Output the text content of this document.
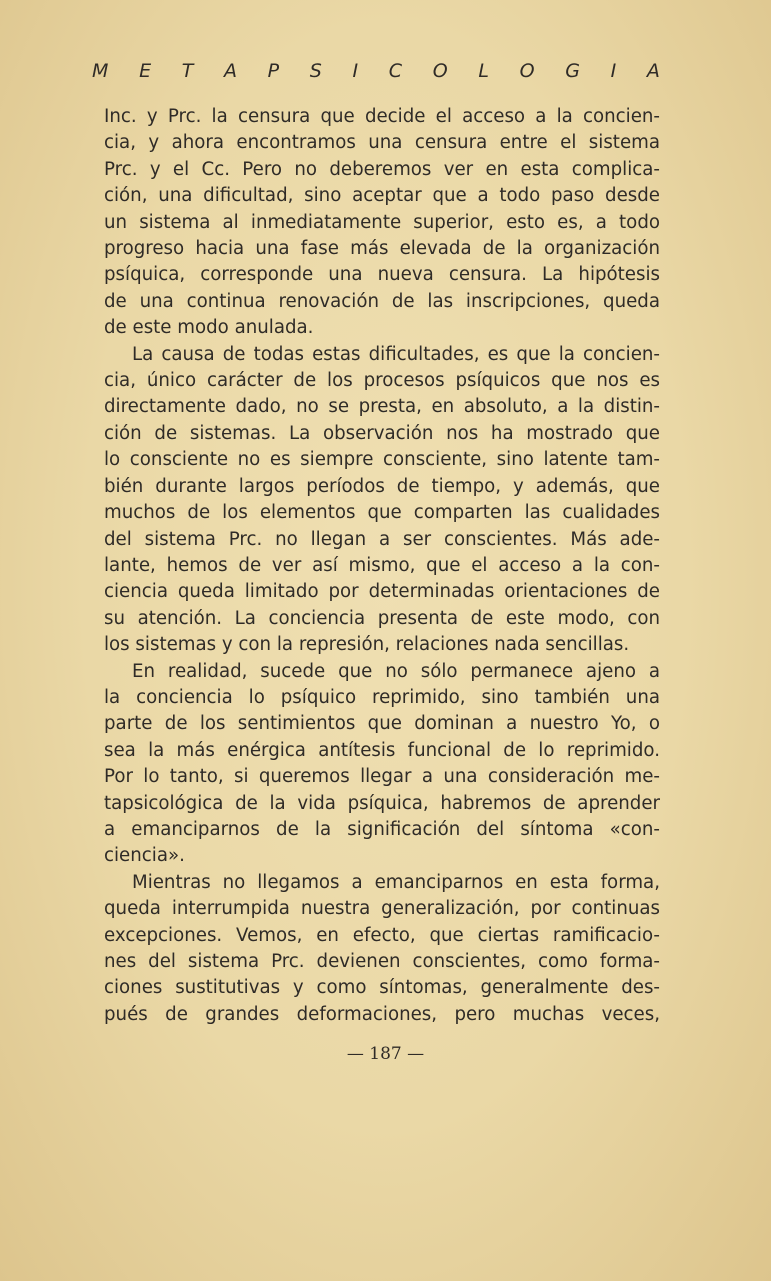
M E T A P S I C O L O G I A
Inc. y Prc. la censura que decide el acceso a la concien-
cia, y ahora encontramos una censura entre el sistema
Prc. y el Cc. Pero no deberemos ver en esta complica-
ción, una dificultad, sino aceptar que a todo paso desde
un sistema al inmediatamente superior, esto es, a todo
progreso hacia una fase más elevada de la organización
psíquica, corresponde una nueva censura. La hipótesis
de una continua renovación de las inscripciones, queda
de este modo anulada.
La causa de todas estas dificultades, es que la concien-
cia, único carácter de los procesos psíquicos que nos es
directamente dado, no se presta, en absoluto, a la distin-
ción de sistemas. La observación nos ha mostrado que
lo consciente no es siempre consciente, sino latente tam-
bién durante largos períodos de tiempo, y además, que
muchos de los elementos que comparten las cualidades
del sistema Prc. no llegan a ser conscientes. Más ade-
lante, hemos de ver así mismo, que el acceso a la con-
ciencia queda limitado por determinadas orientaciones de
su atención. La conciencia presenta de este modo, con
los sistemas y con la represión, relaciones nada sencillas.
En realidad, sucede que no sólo permanece ajeno a
la conciencia lo psíquico reprimido, sino también una
parte de los sentimientos que dominan a nuestro Yo, o
sea la más enérgica antítesis funcional de lo reprimido.
Por lo tanto, si queremos llegar a una consideración me-
tapsicológica de la vida psíquica, habremos de aprender
a emanciparnos de la significación del síntoma «con-
ciencia».
Mientras no llegamos a emanciparnos en esta forma,
queda interrumpida nuestra generalización, por continuas
excepciones. Vemos, en efecto, que ciertas ramificacio-
nes del sistema Prc. devienen conscientes, como forma-
ciones sustitutivas y como síntomas, generalmente des-
pués de grandes deformaciones, pero muchas veces,
— 187 —
